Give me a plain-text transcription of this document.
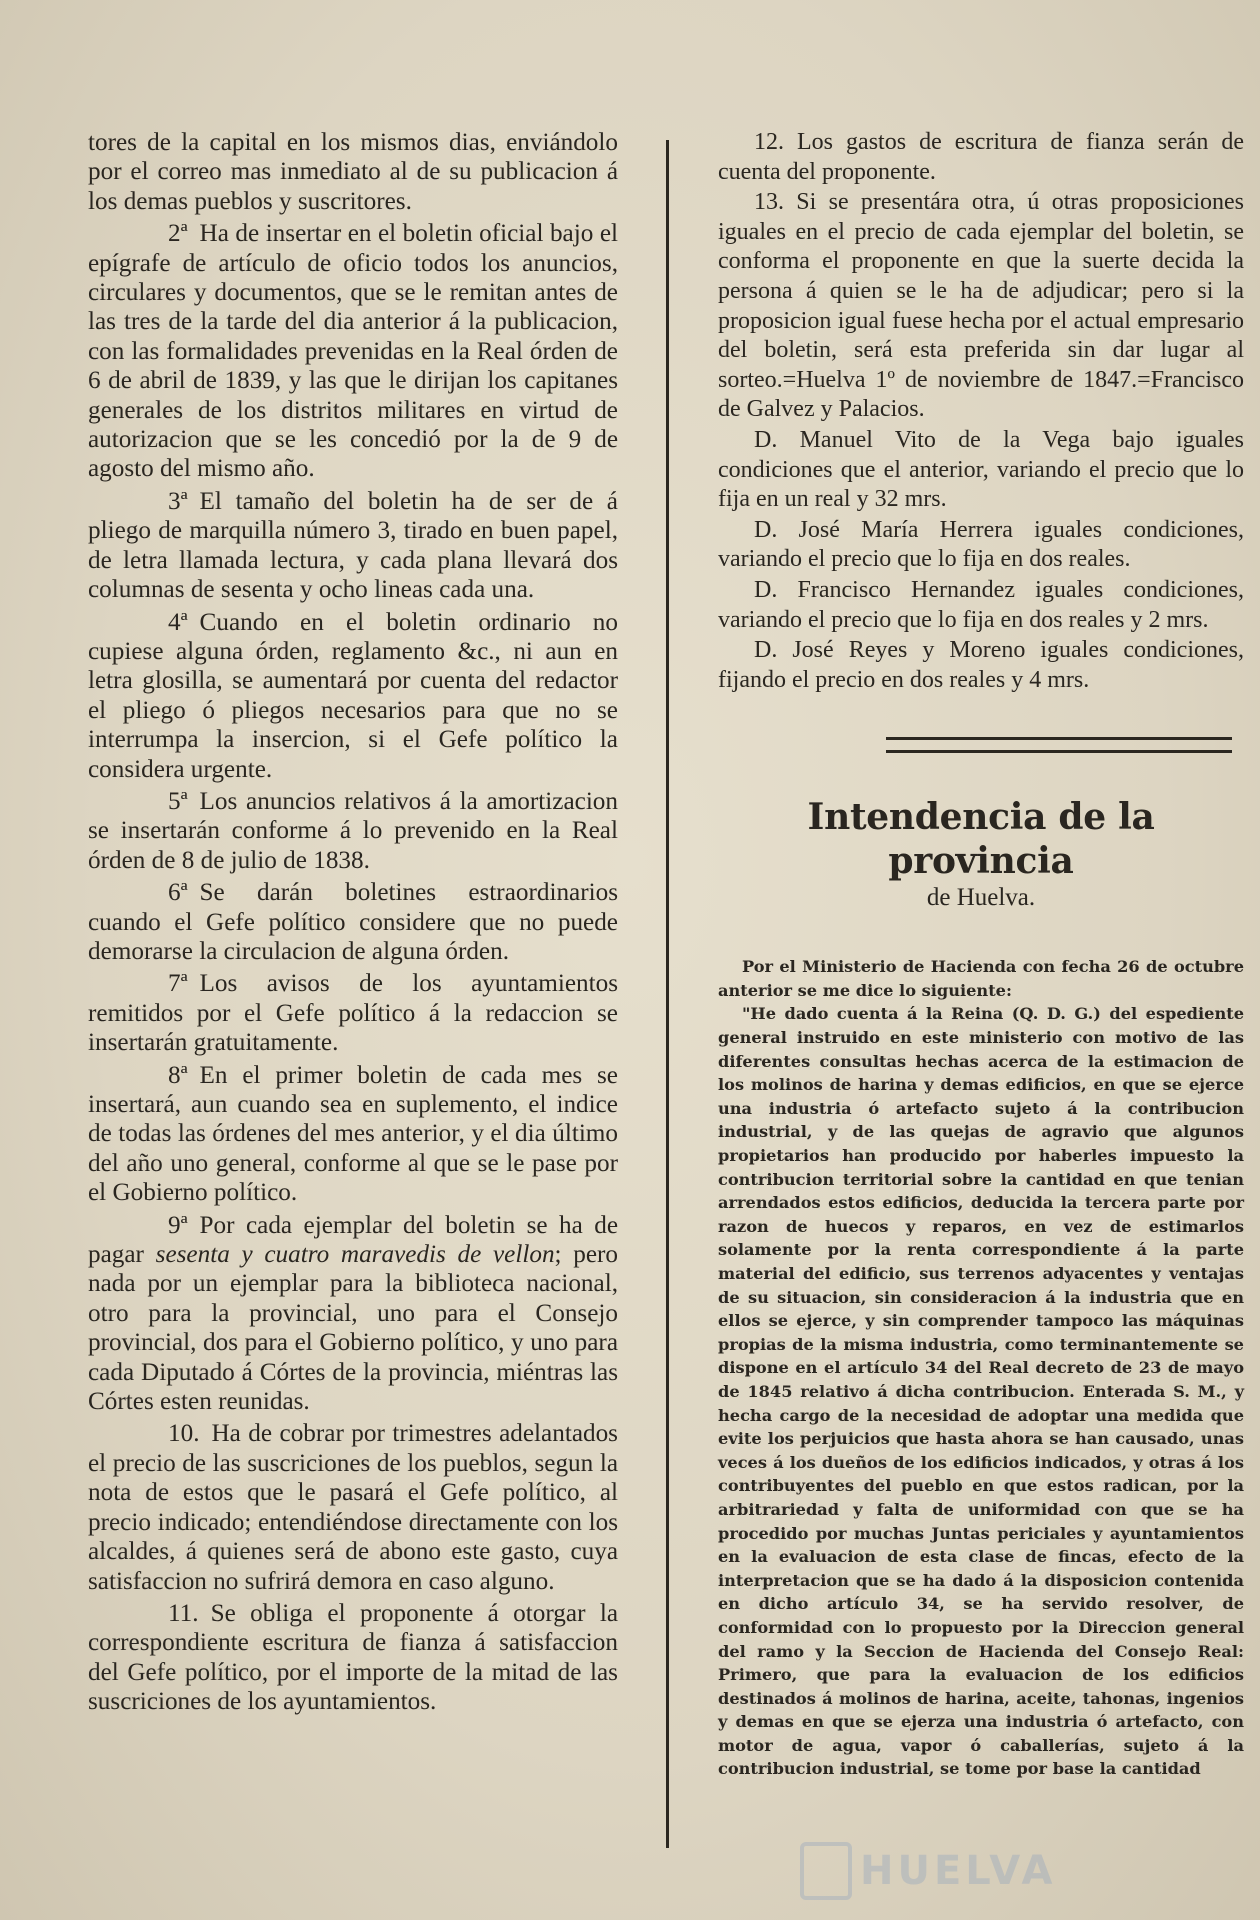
tores de la capital en los mismos dias, enviándolo por el correo mas inmediato al de su publicacion á los demas pueblos y suscritores.

2ª Ha de insertar en el boletin oficial bajo el epígrafe de artículo de oficio todos los anuncios, circulares y documentos, que se le remitan antes de las tres de la tarde del dia anterior á la publicacion, con las formalidades prevenidas en la Real órden de 6 de abril de 1839, y las que le dirijan los capitanes generales de los distritos militares en virtud de autorizacion que se les concedió por la de 9 de agosto del mismo año.

3ª El tamaño del boletin ha de ser de á pliego de marquilla número 3, tirado en buen papel, de letra llamada lectura, y cada plana llevará dos columnas de sesenta y ocho lineas cada una.

4ª Cuando en el boletin ordinario no cupiese alguna órden, reglamento &c., ni aun en letra glosilla, se aumentará por cuenta del redactor el pliego ó pliegos necesarios para que no se interrumpa la insercion, si el Gefe político la considera urgente.

5ª Los anuncios relativos á la amortizacion se insertarán conforme á lo prevenido en la Real órden de 8 de julio de 1838.

6ª Se darán boletines estraordinarios cuando el Gefe político considere que no puede demorarse la circulacion de alguna órden.

7ª Los avisos de los ayuntamientos remitidos por el Gefe político á la redaccion se insertarán gratuitamente.

8ª En el primer boletin de cada mes se insertará, aun cuando sea en suplemento, el indice de todas las órdenes del mes anterior, y el dia último del año uno general, conforme al que se le pase por el Gobierno político.

9ª Por cada ejemplar del boletin se ha de pagar sesenta y cuatro maravedis de vellon; pero nada por un ejemplar para la biblioteca nacional, otro para la provincial, uno para el Consejo provincial, dos para el Gobierno político, y uno para cada Diputado á Córtes de la provincia, miéntras las Córtes esten reunidas.

10. Ha de cobrar por trimestres adelantados el precio de las suscriciones de los pueblos, segun la nota de estos que le pasará el Gefe político, al precio indicado; entendiéndose directamente con los alcaldes, á quienes será de abono este gasto, cuya satisfaccion no sufrirá demora en caso alguno.

11. Se obliga el proponente á otorgar la correspondiente escritura de fianza á satisfaccion del Gefe político, por el importe de la mitad de las suscriciones de los ayuntamientos.

12. Los gastos de escritura de fianza serán de cuenta del proponente.

13. Si se presentára otra, ú otras proposiciones iguales en el precio de cada ejemplar del boletin, se conforma el proponente en que la suerte decida la persona á quien se le ha de adjudicar; pero si la proposicion igual fuese hecha por el actual empresario del boletin, será esta preferida sin dar lugar al sorteo.=Huelva 1º de noviembre de 1847.=Francisco de Galvez y Palacios.

D. Manuel Vito de la Vega bajo iguales condiciones que el anterior, variando el precio que lo fija en un real y 32 mrs.

D. José María Herrera iguales condiciones, variando el precio que lo fija en dos reales.

D. Francisco Hernandez iguales condiciones, variando el precio que lo fija en dos reales y 2 mrs.

D. José Reyes y Moreno iguales condiciones, fijando el precio en dos reales y 4 mrs.

Intendencia de la provincia
de Huelva.

Por el Ministerio de Hacienda con fecha 26 de octubre anterior se me dice lo siguiente:

"He dado cuenta á la Reina (Q. D. G.) del espediente general instruido en este ministerio con motivo de las diferentes consultas hechas acerca de la estimacion de los molinos de harina y demas edificios, en que se ejerce una industria ó artefacto sujeto á la contribucion industrial, y de las quejas de agravio que algunos propietarios han producido por haberles impuesto la contribucion territorial sobre la cantidad en que tenian arrendados estos edificios, deducida la tercera parte por razon de huecos y reparos, en vez de estimarlos solamente por la renta correspondiente á la parte material del edificio, sus terrenos adyacentes y ventajas de su situacion, sin consideracion á la industria que en ellos se ejerce, y sin comprender tampoco las máquinas propias de la misma industria, como terminantemente se dispone en el artículo 34 del Real decreto de 23 de mayo de 1845 relativo á dicha contribucion. Enterada S. M., y hecha cargo de la necesidad de adoptar una medida que evite los perjuicios que hasta ahora se han causado, unas veces á los dueños de los edificios indicados, y otras á los contribuyentes del pueblo en que estos radican, por la arbitrariedad y falta de uniformidad con que se ha procedido por muchas Juntas periciales y ayuntamientos en la evaluacion de esta clase de fincas, efecto de la interpretacion que se ha dado á la disposicion contenida en dicho artículo 34, se ha servido resolver, de conformidad con lo propuesto por la Direccion general del ramo y la Seccion de Hacienda del Consejo Real: Primero, que para la evaluacion de los edificios destinados á molinos de harina, aceite, tahonas, ingenios y demas en que se ejerza una industria ó artefacto, con motor de agua, vapor ó caballerías, sujeto á la contribucion industrial, se tome por base la cantidad

HUELVA
